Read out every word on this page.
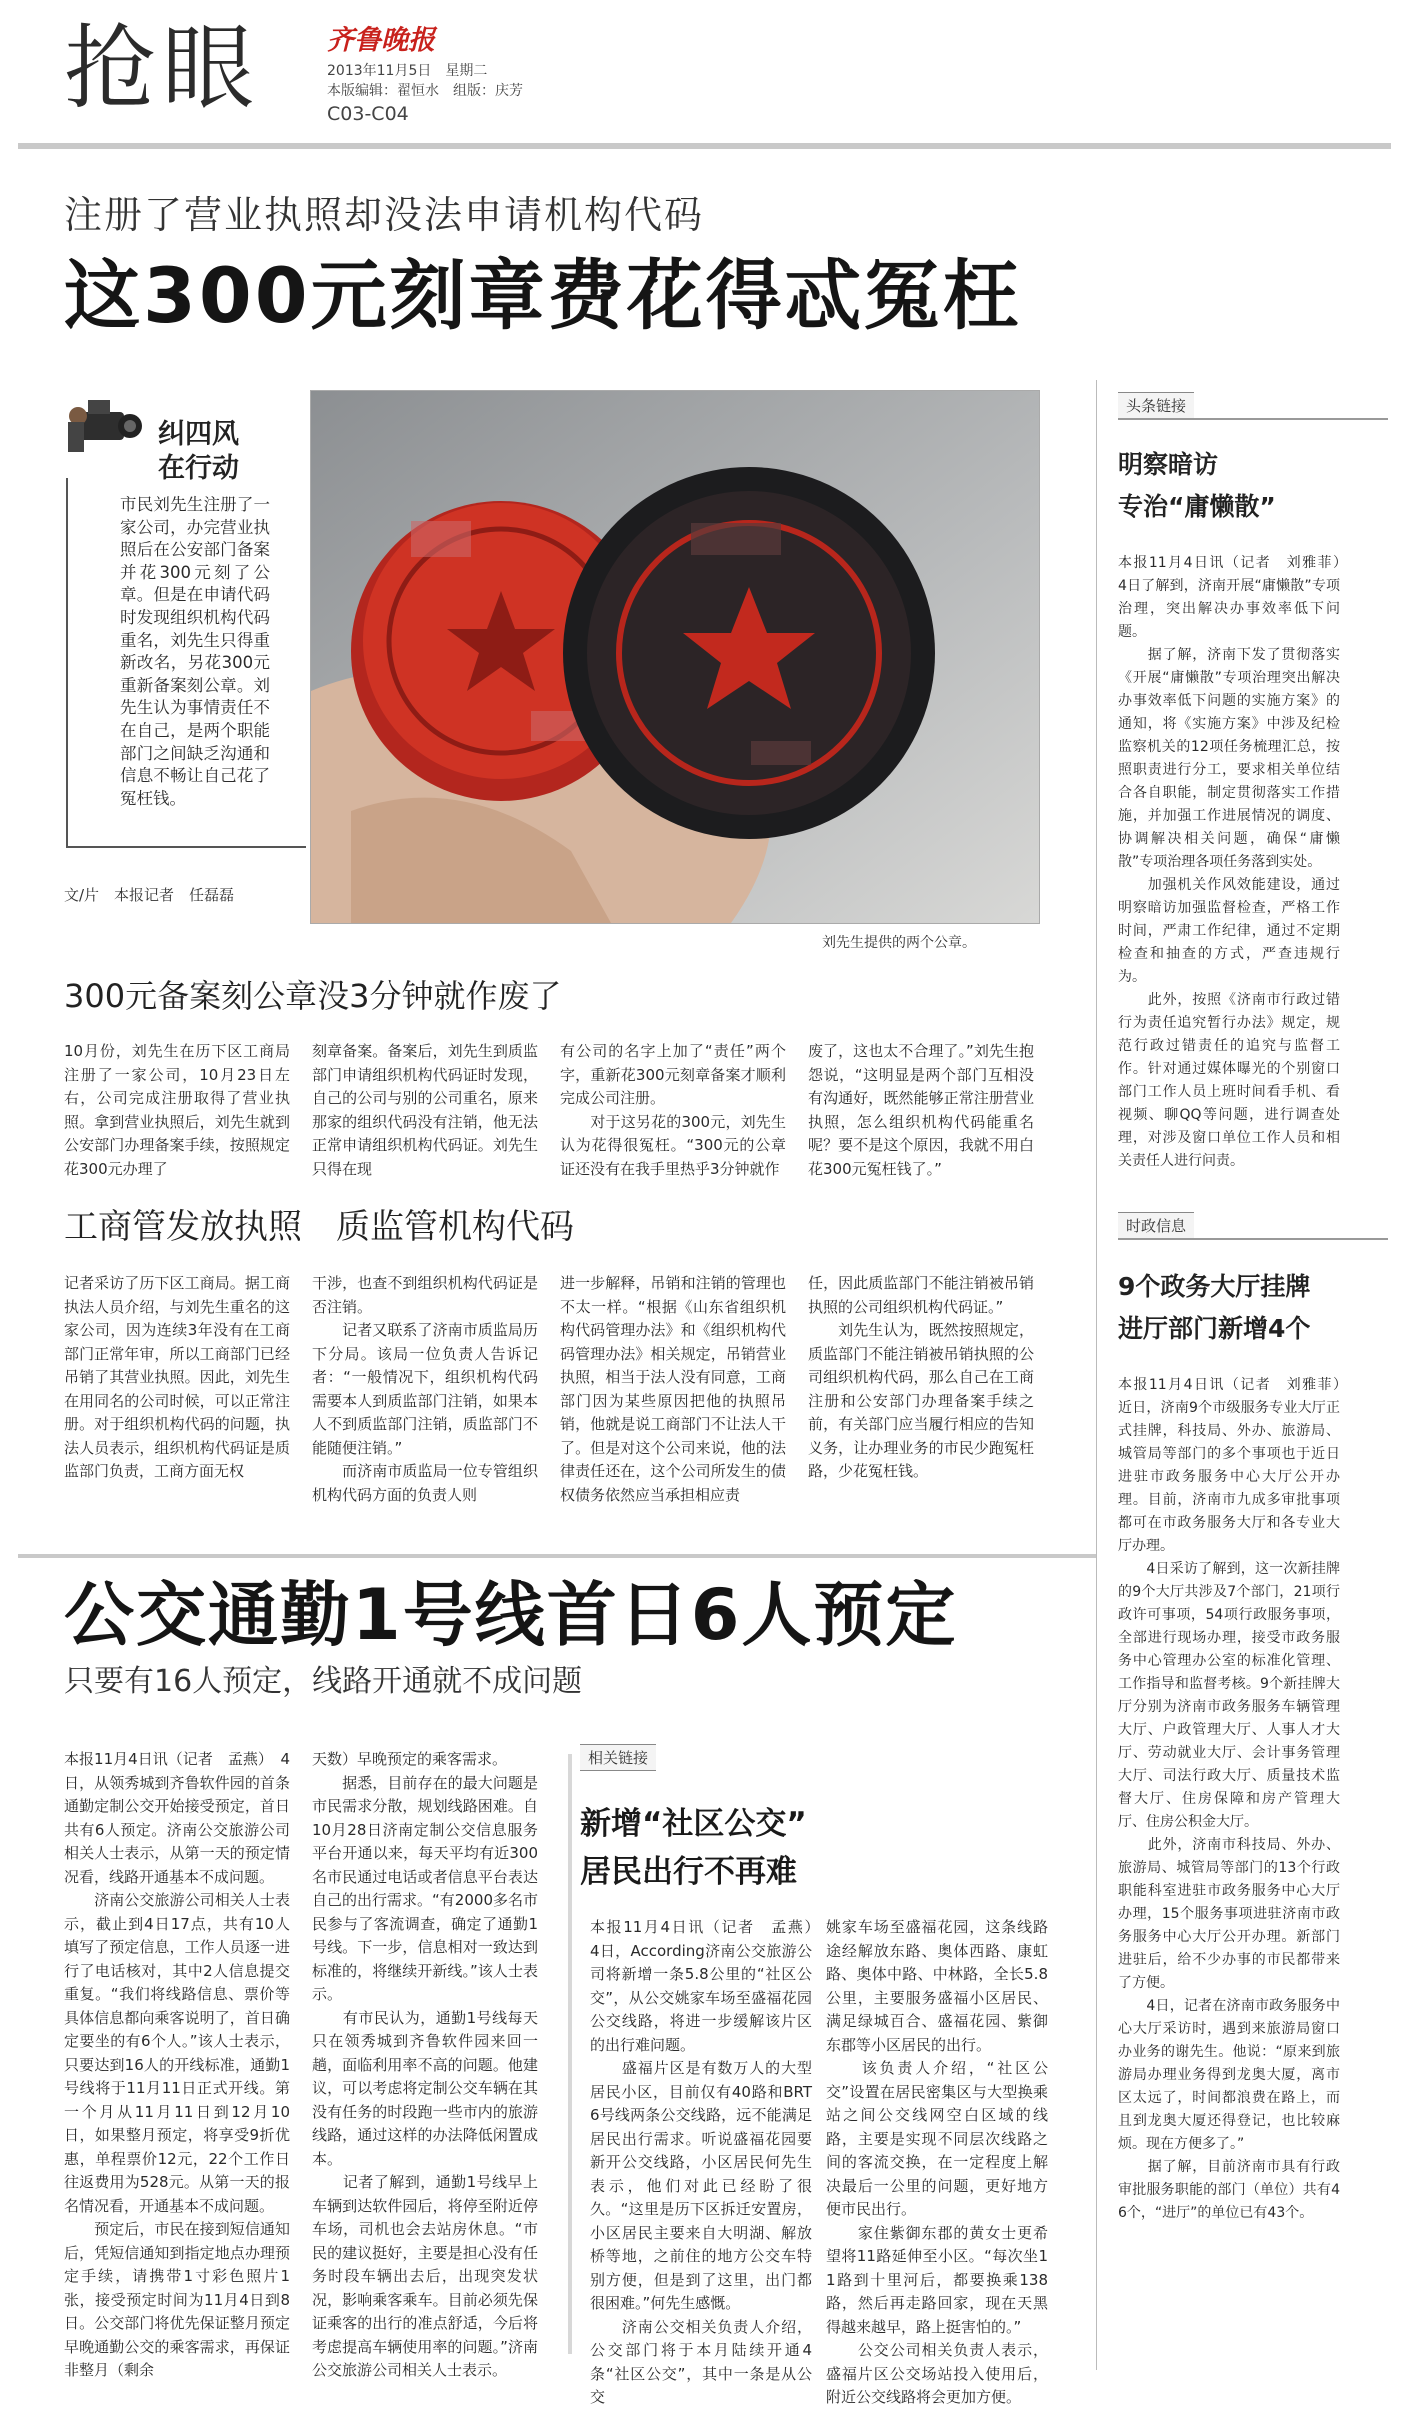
抢眼 齐鲁晚报
2013年11月5日　星期二
本版编辑：翟恒水　组版：庆芳
C03-C04
注册了营业执照却没法申请机构代码
这300元刻章费花得忒冤枉
纠四风
在行动
市民刘先生注册了一家公司，办完营业执照后在公安部门备案并花300元刻了公章。但是在申请代码时发现组织机构代码重名，刘先生只得重新改名，另花300元重新备案刻公章。刘先生认为事情责任不在自己，是两个职能部门之间缺乏沟通和信息不畅让自己花了冤枉钱。
文/片　本报记者　任磊磊
刘先生提供的两个公章。
300元备案刻公章没3分钟就作废了
10月份，刘先生在历下区工商局注册了一家公司，10月23日左右，公司完成注册取得了营业执照。拿到营业执照后，刘先生就到公安部门办理备案手续，按照规定花300元办理了
刻章备案。备案后，刘先生到质监部门申请组织机构代码证时发现，自己的公司与别的公司重名，原来那家的组织代码没有注销，他无法正常申请组织机构代码证。刘先生只得在现
有公司的名字上加了“责任”两个字，重新花300元刻章备案才顺利完成公司注册。
　　对于这另花的300元，刘先生认为花得很冤枉。“300元的公章证还没有在我手里热乎3分钟就作
废了，这也太不合理了。”刘先生抱怨说，“这明显是两个部门互相没有沟通好，既然能够正常注册营业执照，怎么组织机构代码能重名呢？要不是这个原因，我就不用白花300元冤枉钱了。”
工商管发放执照　质监管机构代码
记者采访了历下区工商局。据工商执法人员介绍，与刘先生重名的这家公司，因为连续3年没有在工商部门正常年审，所以工商部门已经吊销了其营业执照。因此，刘先生在用同名的公司时候，可以正常注册。对于组织机构代码的问题，执法人员表示，组织机构代码证是质监部门负责，工商方面无权
干涉，也查不到组织机构代码证是否注销。
　　记者又联系了济南市质监局历下分局。该局一位负责人告诉记者：“一般情况下，组织机构代码需要本人到质监部门注销，如果本人不到质监部门注销，质监部门不能随便注销。”
　　而济南市质监局一位专管组织机构代码方面的负责人则
进一步解释，吊销和注销的管理也不太一样。“根据《山东省组织机构代码管理办法》和《组织机构代码管理办法》相关规定，吊销营业执照，相当于法人没有同意，工商部门因为某些原因把他的执照吊销，他就是说工商部门不让法人干了。但是对这个公司来说，他的法律责任还在，这个公司所发生的债权债务依然应当承担相应责
任，因此质监部门不能注销被吊销执照的公司组织机构代码证。”
　　刘先生认为，既然按照规定，质监部门不能注销被吊销执照的公司组织机构代码，那么自己在工商注册和公安部门办理备案手续之前，有关部门应当履行相应的告知义务，让办理业务的市民少跑冤枉路，少花冤枉钱。
公交通勤1号线首日6人预定
只要有16人预定，线路开通就不成问题
本报11月4日讯（记者　孟燕）　4日，从领秀城到齐鲁软件园的首条通勤定制公交开始接受预定，首日共有6人预定。济南公交旅游公司相关人士表示，从第一天的预定情况看，线路开通基本不成问题。
　　济南公交旅游公司相关人士表示，截止到4日17点，共有10人填写了预定信息，工作人员逐一进行了电话核对，其中2人信息提交重复。“我们将线路信息、票价等具体信息都向乘客说明了，首日确定要坐的有6个人。”该人士表示，只要达到16人的开线标准，通勤1号线将于11月11日正式开线。第一个月从11月11日到12月10日，如果整月预定，将享受9折优惠，单程票价12元，22个工作日往返费用为528元。从第一天的报名情况看，开通基本不成问题。
　　预定后，市民在接到短信通知后，凭短信通知到指定地点办理预定手续，请携带1寸彩色照片1张，接受预定时间为11月4日到8日。公交部门将优先保证整月预定早晚通勤公交的乘客需求，再保证非整月（剩余
天数）早晚预定的乘客需求。
　　据悉，目前存在的最大问题是市民需求分散，规划线路困难。自10月28日济南定制公交信息服务平台开通以来，每天平均有近300名市民通过电话或者信息平台表达自己的出行需求。“有2000多名市民参与了客流调查，确定了通勤1号线。下一步，信息相对一致达到标准的，将继续开新线。”该人士表示。
　　有市民认为，通勤1号线每天只在领秀城到齐鲁软件园来回一趟，面临利用率不高的问题。他建议，可以考虑将定制公交车辆在其没有任务的时段跑一些市内的旅游线路，通过这样的办法降低闲置成本。
　　记者了解到，通勤1号线早上车辆到达软件园后，将停至附近停车场，司机也会去站房休息。“市民的建议挺好，主要是担心没有任务时段车辆出去后，出现突发状况，影响乘客乘车。目前必须先保证乘客的出行的准点舒适，今后将考虑提高车辆使用率的问题。”济南公交旅游公司相关人士表示。
相关链接
新增“社区公交”
居民出行不再难
本报11月4日讯（记者　孟燕）　4日，According济南公交旅游公司将新增一条5.8公里的“社区公交”，从公交姚家车场至盛福花园公交线路，将进一步缓解该片区的出行难问题。
　　盛福片区是有数万人的大型居民小区，目前仅有40路和BRT6号线两条公交线路，远不能满足居民出行需求。听说盛福花园要新开公交线路，小区居民何先生表示，他们对此已经盼了很久。“这里是历下区拆迁安置房，小区居民主要来自大明湖、解放桥等地，之前住的地方公交车特别方便，但是到了这里，出门都很困难。”何先生感慨。
　　济南公交相关负责人介绍，公交部门将于本月陆续开通4条“社区公交”，其中一条是从公交
姚家车场至盛福花园，这条线路途经解放东路、奥体西路、康虹路、奥体中路、中林路，全长5.8公里，主要服务盛福小区居民、满足绿城百合、盛福花园、紫御东郡等小区居民的出行。
　　该负责人介绍，“社区公交”设置在居民密集区与大型换乘站之间公交线网空白区域的线路，主要是实现不同层次线路之间的客流交换，在一定程度上解决最后一公里的问题，更好地方便市民出行。
　　家住紫御东郡的黄女士更希望将11路延伸至小区。“每次坐11路到十里河后，都要换乘138路，然后再走路回家，现在天黑得越来越早，路上挺害怕的。”
　　公交公司相关负责人表示，盛福片区公交场站投入使用后，附近公交线路将会更加方便。
头条链接
明察暗访
专治“庸懒散”
本报11月4日讯（记者　刘雅菲）　4日了解到，济南开展“庸懒散”专项治理，突出解决办事效率低下问题。
　　据了解，济南下发了贯彻落实《开展“庸懒散”专项治理突出解决办事效率低下问题的实施方案》的通知，将《实施方案》中涉及纪检监察机关的12项任务梳理汇总，按照职责进行分工，要求相关单位结合各自职能，制定贯彻落实工作措施，并加强工作进展情况的调度、协调解决相关问题，确保“庸懒散”专项治理各项任务落到实处。
　　加强机关作风效能建设，通过明察暗访加强监督检查，严格工作时间，严肃工作纪律，通过不定期检查和抽查的方式，严查违规行为。
　　此外，按照《济南市行政过错行为责任追究暂行办法》规定，规范行政过错责任的追究与监督工作。针对通过媒体曝光的个别窗口部门工作人员上班时间看手机、看视频、聊QQ等问题，进行调查处理，对涉及窗口单位工作人员和相关责任人进行问责。
时政信息
9个政务大厅挂牌
进厅部门新增4个
本报11月4日讯（记者　刘雅菲）　近日，济南9个市级服务专业大厅正式挂牌，科技局、外办、旅游局、城管局等部门的多个事项也于近日进驻市政务服务中心大厅公开办理。目前，济南市九成多审批事项都可在市政务服务大厅和各专业大厅办理。
　　4日采访了解到，这一次新挂牌的9个大厅共涉及7个部门，21项行政许可事项，54项行政服务事项，全部进行现场办理，接受市政务服务中心管理办公室的标准化管理、工作指导和监督考核。9个新挂牌大厅分别为济南市政务服务车辆管理大厅、户政管理大厅、人事人才大厅、劳动就业大厅、会计事务管理大厅、司法行政大厅、质量技术监督大厅、住房保障和房产管理大厅、住房公积金大厅。
　　此外，济南市科技局、外办、旅游局、城管局等部门的13个行政职能科室进驻市政务服务中心大厅办理，15个服务事项进驻济南市政务服务中心大厅公开办理。新部门进驻后，给不少办事的市民都带来了方便。
　　4日，记者在济南市政务服务中心大厅采访时，遇到来旅游局窗口办业务的谢先生。他说：“原来到旅游局办理业务得到龙奥大厦，离市区太远了，时间都浪费在路上，而且到龙奥大厦还得登记，也比较麻烦。现在方便多了。”
　　据了解，目前济南市具有行政审批服务职能的部门（单位）共有46个，“进厅”的单位已有43个。
